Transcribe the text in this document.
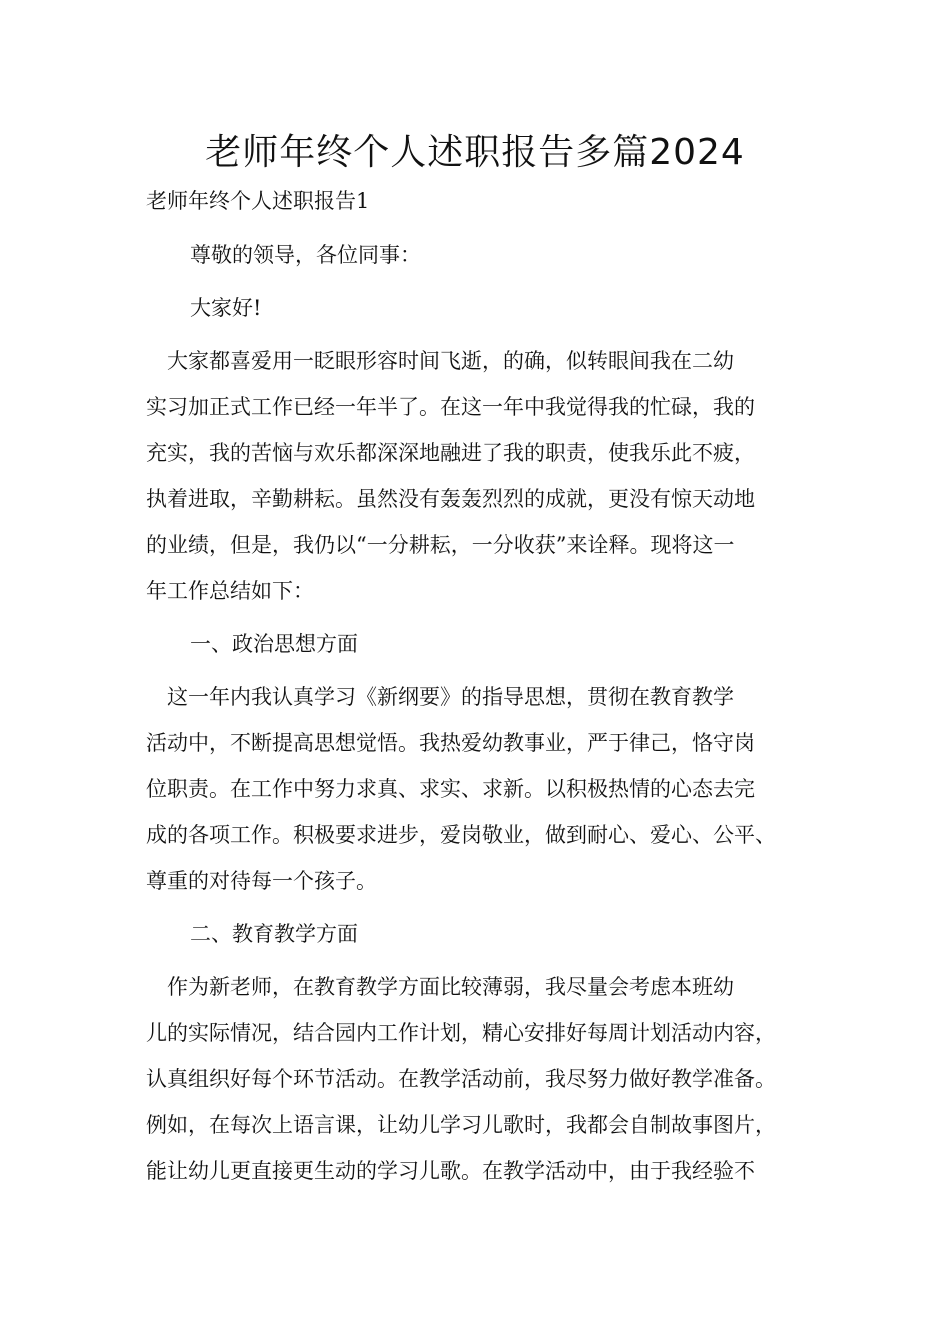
老师年终个人述职报告多篇2024

老师年终个人述职报告1

尊敬的领导，各位同事：
大家好!
　大家都喜爱用一眨眼形容时间飞逝，的确，似转眼间我在二幼
实习加正式工作已经一年半了。在这一年中我觉得我的忙碌，我的
充实，我的苦恼与欢乐都深深地融进了我的职责，使我乐此不疲，
执着进取，辛勤耕耘。虽然没有轰轰烈烈的成就，更没有惊天动地
的业绩，但是，我仍以“一分耕耘，一分收获”来诠释。现将这一
年工作总结如下：
一、政治思想方面
　这一年内我认真学习《新纲要》的指导思想，贯彻在教育教学
活动中，不断提高思想觉悟。我热爱幼教事业，严于律己，恪守岗
位职责。在工作中努力求真、求实、求新。以积极热情的心态去完
成的各项工作。积极要求进步，爱岗敬业，做到耐心、爱心、公平、
尊重的对待每一个孩子。
二、教育教学方面
　作为新老师，在教育教学方面比较薄弱，我尽量会考虑本班幼
儿的实际情况，结合园内工作计划，精心安排好每周计划活动内容，
认真组织好每个环节活动。在教学活动前，我尽努力做好教学准备。
例如，在每次上语言课，让幼儿学习儿歌时，我都会自制故事图片，
能让幼儿更直接更生动的学习儿歌。在教学活动中，由于我经验不
